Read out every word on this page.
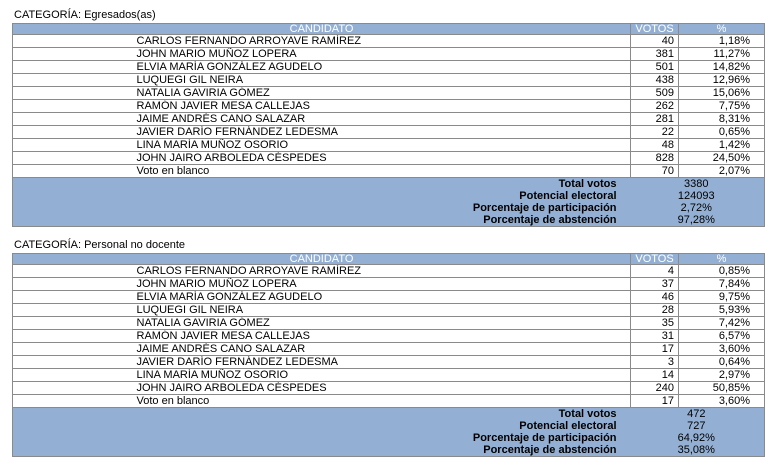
CATEGORÍA: Egresados(as)
CANDIDATO		VOTOS	%
	CARLOS FERNANDO ARROYAVE RAMÍREZ	40	1,18%
	JOHN MARIO MUÑOZ LOPERA	381	11,27%
	ELVIA MARÍA GONZÁLEZ AGUDELO	501	14,82%
	LUQUEGI GIL NEIRA	438	12,96%
	NATALIA GAVIRIA GÓMEZ	509	15,06%
	RAMÓN JAVIER MESA CALLEJAS	262	7,75%
	JAIME ANDRÉS CANO SALAZAR	281	8,31%
	JAVIER DARÍO FERNÁNDEZ LEDESMA	22	0,65%
	LINA MARÍA MUÑOZ OSORIO	48	1,42%
	JOHN JAIRO ARBOLEDA CÉSPEDES	828	24,50%
	Voto en blanco	70	2,07%
	Total votos	3380	
	Potencial electoral	124093	
	Porcentaje de participación	2,72%	
	Porcentaje de abstención	97,28%	
CATEGORÍA: Personal no docente
CANDIDATO		VOTOS	%
	CARLOS FERNANDO ARROYAVE RAMÍREZ	4	0,85%
	JOHN MARIO MUÑOZ LOPERA	37	7,84%
	ELVIA MARÍA GONZÁLEZ AGUDELO	46	9,75%
	LUQUEGI GIL NEIRA	28	5,93%
	NATALIA GAVIRIA GÓMEZ	35	7,42%
	RAMÓN JAVIER MESA CALLEJAS	31	6,57%
	JAIME ANDRÉS CANO SALAZAR	17	3,60%
	JAVIER DARÍO FERNÁNDEZ LEDESMA	3	0,64%
	LINA MARÍA MUÑOZ OSORIO	14	2,97%
	JOHN JAIRO ARBOLEDA CÉSPEDES	240	50,85%
	Voto en blanco	17	3,60%
	Total votos	472	
	Potencial electoral	727	
	Porcentaje de participación	64,92%	
	Porcentaje de abstención	35,08%	
